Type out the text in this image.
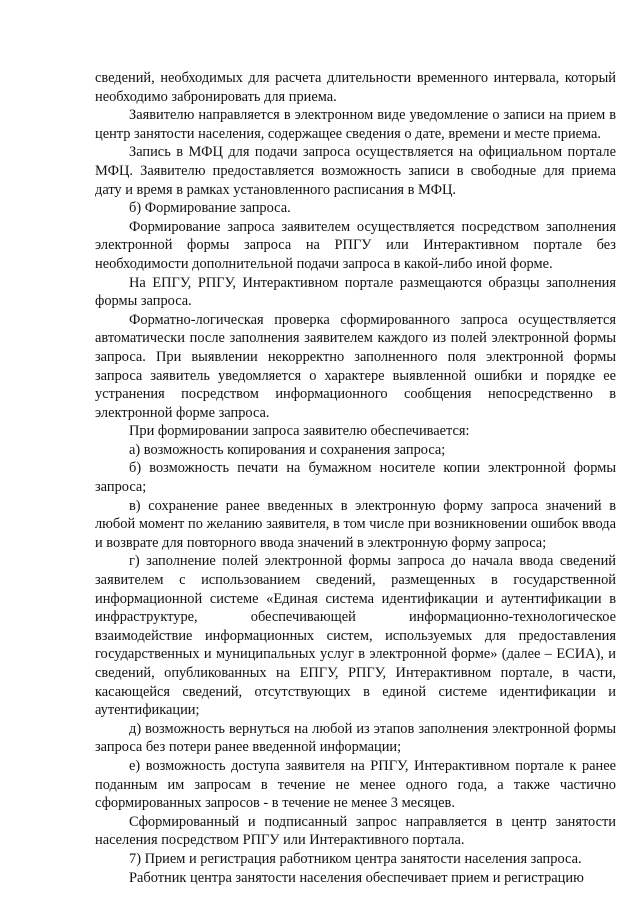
сведений, необходимых для расчета длительности временного интервала, который необходимо забронировать для приема.

Заявителю направляется в электронном виде уведомление о записи на прием в центр занятости населения, содержащее сведения о дате, времени и месте приема.

Запись в МФЦ для подачи запроса осуществляется на официальном портале МФЦ. Заявителю предоставляется возможность записи в свободные для приема дату и время в рамках установленного расписания в МФЦ.

б) Формирование запроса.

Формирование запроса заявителем осуществляется посредством заполнения электронной формы запроса на РПГУ или Интерактивном портале без необходимости дополнительной подачи запроса в какой-либо иной форме.

На ЕПГУ, РПГУ, Интерактивном портале размещаются образцы заполнения формы запроса.

Форматно-логическая проверка сформированного запроса осуществляется автоматически после заполнения заявителем каждого из полей электронной формы запроса. При выявлении некорректно заполненного поля электронной формы запроса заявитель уведомляется о характере выявленной ошибки и порядке ее устранения посредством информационного сообщения непосредственно в электронной форме запроса.

При формировании запроса заявителю обеспечивается:

а) возможность копирования и сохранения запроса;

б) возможность печати на бумажном носителе копии электронной формы запроса;

в) сохранение ранее введенных в электронную форму запроса значений в любой момент по желанию заявителя, в том числе при возникновении ошибок ввода и возврате для повторного ввода значений в электронную форму запроса;

г) заполнение полей электронной формы запроса до начала ввода сведений заявителем с использованием сведений, размещенных в государственной информационной системе «Единая система идентификации и аутентификации в инфраструктуре, обеспечивающей информационно-технологическое взаимодействие информационных систем, используемых для предоставления государственных и муниципальных услуг в электронной форме» (далее – ЕСИА), и сведений, опубликованных на ЕПГУ, РПГУ, Интерактивном портале, в части, касающейся сведений, отсутствующих в единой системе идентификации и аутентификации;

д) возможность вернуться на любой из этапов заполнения электронной формы запроса без потери ранее введенной информации;

е) возможность доступа заявителя на РПГУ, Интерактивном портале к ранее поданным им запросам в течение не менее одного года, а также частично сформированных запросов - в течение не менее 3 месяцев.

Сформированный и подписанный запрос направляется в центр занятости населения посредством РПГУ или Интерактивного портала.

7) Прием и регистрация работником центра занятости населения запроса.

Работник центра занятости населения обеспечивает прием и регистрацию
